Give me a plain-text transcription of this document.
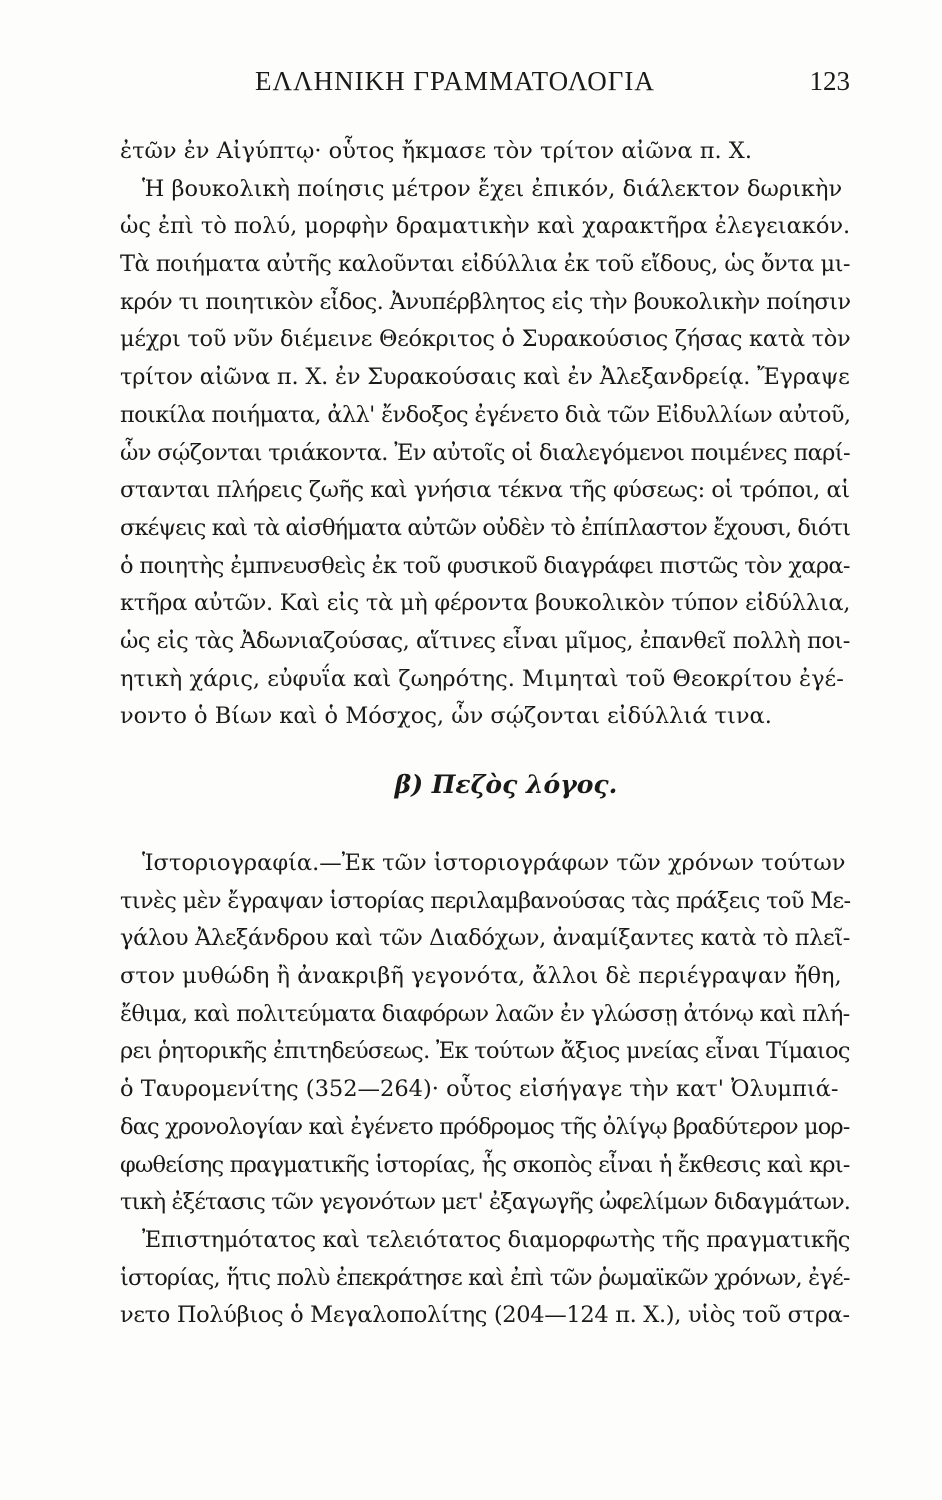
ΕΛΛΗΝΙΚΗ ΓΡΑΜΜΑΤΟΛΟΓΙΑ	123
ἐτῶν ἐν Αἰγύπτῳ· οὗτος ἤκμασε τὸν τρίτον αἰῶνα π. Χ.
Ἡ βουκολικὴ ποίησις μέτρον ἔχει ἐπικόν, διάλεκτον δωρικὴν
ὡς ἐπὶ τὸ πολύ, μορφὴν δραματικὴν καὶ χαρακτῆρα ἐλεγειακόν.
Τὰ ποιήματα αὐτῆς καλοῦνται εἰδύλλια ἐκ τοῦ εἴδους, ὡς ὄντα μι-
κρόν τι ποιητικὸν εἶδος. Ἀνυπέρβλητος εἰς τὴν βουκολικὴν ποίησιν
μέχρι τοῦ νῦν διέμεινε Θεόκριτος ὁ Συρακούσιος ζήσας κατὰ τὸν
τρίτον αἰῶνα π. Χ. ἐν Συρακούσαις καὶ ἐν Ἀλεξανδρείᾳ. Ἔγραψε
ποικίλα ποιήματα, ἀλλ' ἔνδοξος ἐγένετο διὰ τῶν Εἰδυλλίων αὐτοῦ,
ὧν σῴζονται τριάκοντα. Ἐν αὐτοῖς οἱ διαλεγόμενοι ποιμένες παρί-
στανται πλήρεις ζωῆς καὶ γνήσια τέκνα τῆς φύσεως: οἱ τρόποι, αἱ
σκέψεις καὶ τὰ αἰσθήματα αὐτῶν οὐδὲν τὸ ἐπίπλαστον ἔχουσι, διότι
ὁ ποιητὴς ἐμπνευσθεὶς ἐκ τοῦ φυσικοῦ διαγράφει πιστῶς τὸν χαρα-
κτῆρα αὐτῶν. Καὶ εἰς τὰ μὴ φέροντα βουκολικὸν τύπον εἰδύλλια,
ὡς εἰς τὰς Ἀδωνιαζούσας, αἵτινες εἶναι μῖμος, ἐπανθεῖ πολλὴ ποι-
ητικὴ χάρις, εὐφυΐα καὶ ζωηρότης. Μιμηταὶ τοῦ Θεοκρίτου ἐγέ-
νοντο ὁ Βίων καὶ ὁ Μόσχος, ὧν σῴζονται εἰδύλλιά τινα.
β) Πεζὸς λόγος.
Ἱστοριογραφία.—Ἐκ τῶν ἱστοριογράφων τῶν χρόνων τούτων
τινὲς μὲν ἔγραψαν ἱστορίας περιλαμβανούσας τὰς πράξεις τοῦ Με-
γάλου Ἀλεξάνδρου καὶ τῶν Διαδόχων, ἀναμίξαντες κατὰ τὸ πλεῖ-
στον μυθώδη ἢ ἀνακριβῆ γεγονότα, ἄλλοι δὲ περιέγραψαν ἤθη,
ἔθιμα, καὶ πολιτεύματα διαφόρων λαῶν ἐν γλώσσῃ ἀτόνῳ καὶ πλή-
ρει ῥητορικῆς ἐπιτηδεύσεως. Ἐκ τούτων ἄξιος μνείας εἶναι Τίμαιος
ὁ Ταυρομενίτης (352—264)· οὗτος εἰσήγαγε τὴν κατ' Ὀλυμπιά-
δας χρονολογίαν καὶ ἐγένετο πρόδρομος τῆς ὀλίγῳ βραδύτερον μορ-
φωθείσης πραγματικῆς ἱστορίας, ἧς σκοπὸς εἶναι ἡ ἔκθεσις καὶ κρι-
τικὴ ἐξέτασις τῶν γεγονότων μετ' ἐξαγωγῆς ὠφελίμων διδαγμάτων.
Ἐπιστημότατος καὶ τελειότατος διαμορφωτὴς τῆς πραγματικῆς
ἱστορίας, ἥτις πολὺ ἐπεκράτησε καὶ ἐπὶ τῶν ῥωμαϊκῶν χρόνων, ἐγέ-
νετο Πολύβιος ὁ Μεγαλοπολίτης (204—124 π. Χ.), υἱὸς τοῦ στρα-
